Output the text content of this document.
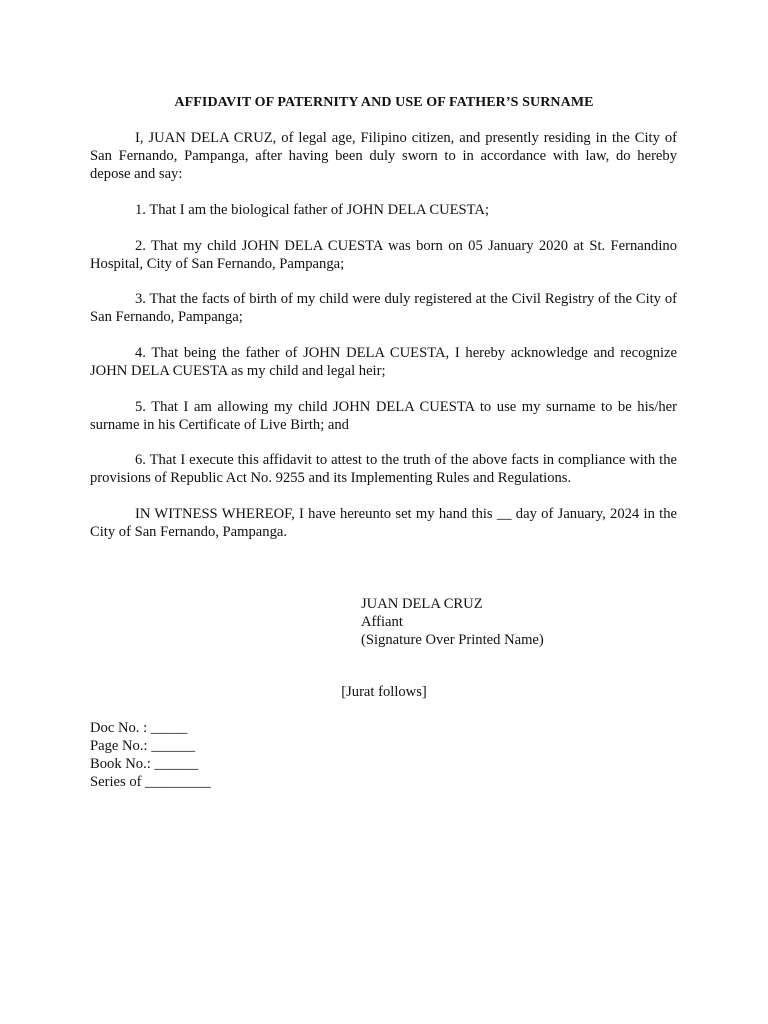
AFFIDAVIT OF PATERNITY AND USE OF FATHER’S SURNAME

I, JUAN DELA CRUZ, of legal age, Filipino citizen, and presently residing in the City of San Fernando, Pampanga, after having been duly sworn to in accordance with law, do hereby depose and say:

1. That I am the biological father of JOHN DELA CUESTA;

2. That my child JOHN DELA CUESTA was born on 05 January 2020 at St. Fernandino Hospital, City of San Fernando, Pampanga;

3. That the facts of birth of my child were duly registered at the Civil Registry of the City of San Fernando, Pampanga;

4. That being the father of JOHN DELA CUESTA, I hereby acknowledge and recognize JOHN DELA CUESTA as my child and legal heir;

5. That I am allowing my child JOHN DELA CUESTA to use my surname to be his/her surname in his Certificate of Live Birth; and

6. That I execute this affidavit to attest to the truth of the above facts in compliance with the provisions of Republic Act No. 9255 and its Implementing Rules and Regulations.

IN WITNESS WHEREOF, I have hereunto set my hand this __ day of January, 2024 in the City of San Fernando, Pampanga.

JUAN DELA CRUZ
Affiant
(Signature Over Printed Name)
[Jurat follows]
Doc No. : _____
Page No.: ______
Book No.: ______
Series of _________
